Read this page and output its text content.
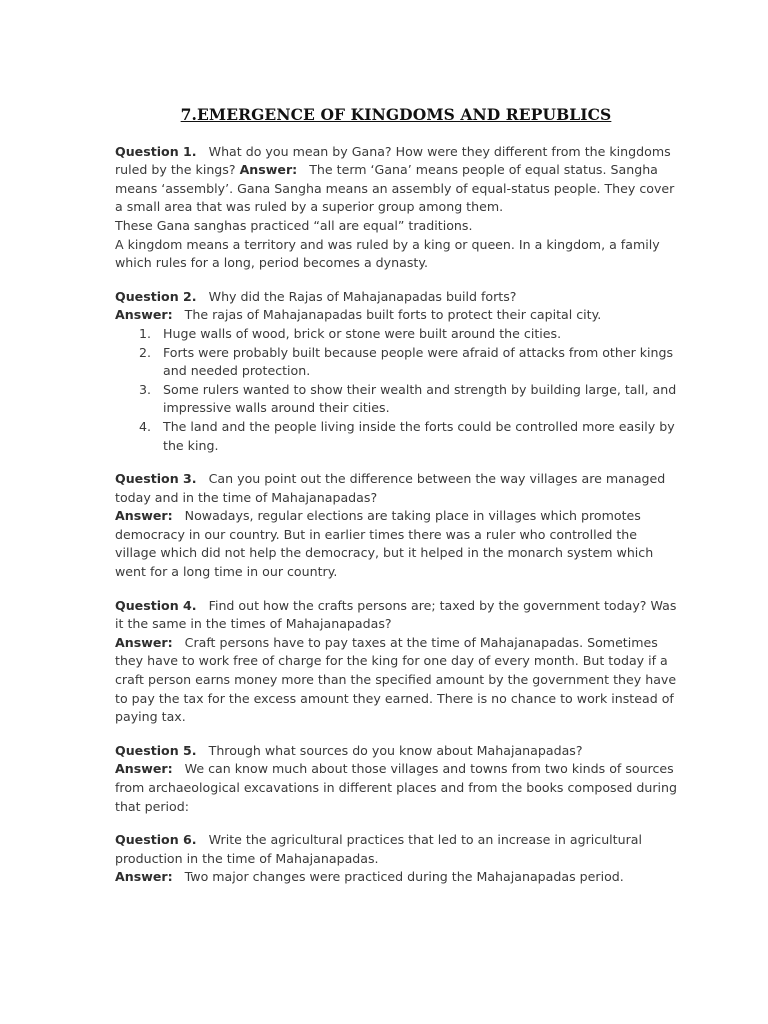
7.EMERGENCE OF KINGDOMS AND REPUBLICS

Question 1. What do you mean by Gana? How were they different from the kingdoms ruled by the kings? Answer: The term ‘Gana’ means people of equal status. Sangha means ‘assembly’. Gana Sangha means an assembly of equal-status people. They cover a small area that was ruled by a superior group among them.

These Gana sanghas practiced “all are equal” traditions.

A kingdom means a territory and was ruled by a king or queen. In a kingdom, a family which rules for a long, period becomes a dynasty.

Question 2. Why did the Rajas of Mahajanapadas build forts?

Answer: The rajas of Mahajanapadas built forts to protect their capital city.

1. Huge walls of wood, brick or stone were built around the cities.
2. Forts were probably built because people were afraid of attacks from other kings and needed protection.
3. Some rulers wanted to show their wealth and strength by building large, tall, and impressive walls around their cities.
4. The land and the people living inside the forts could be controlled more easily by the king.

Question 3. Can you point out the difference between the way villages are managed today and in the time of Mahajanapadas?

Answer: Nowadays, regular elections are taking place in villages which promotes democracy in our country. But in earlier times there was a ruler who controlled the village which did not help the democracy, but it helped in the monarch system which went for a long time in our country.

Question 4. Find out how the crafts persons are; taxed by the government today? Was it the same in the times of Mahajanapadas?

Answer: Craft persons have to pay taxes at the time of Mahajanapadas. Sometimes they have to work free of charge for the king for one day of every month. But today if a craft person earns money more than the specified amount by the government they have to pay the tax for the excess amount they earned. There is no chance to work instead of paying tax.

Question 5. Through what sources do you know about Mahajanapadas?

Answer: We can know much about those villages and towns from two kinds of sources from archaeological excavations in different places and from the books composed during that period:

Question 6. Write the agricultural practices that led to an increase in agricultural production in the time of Mahajanapadas.

Answer: Two major changes were practiced during the Mahajanapadas period.
